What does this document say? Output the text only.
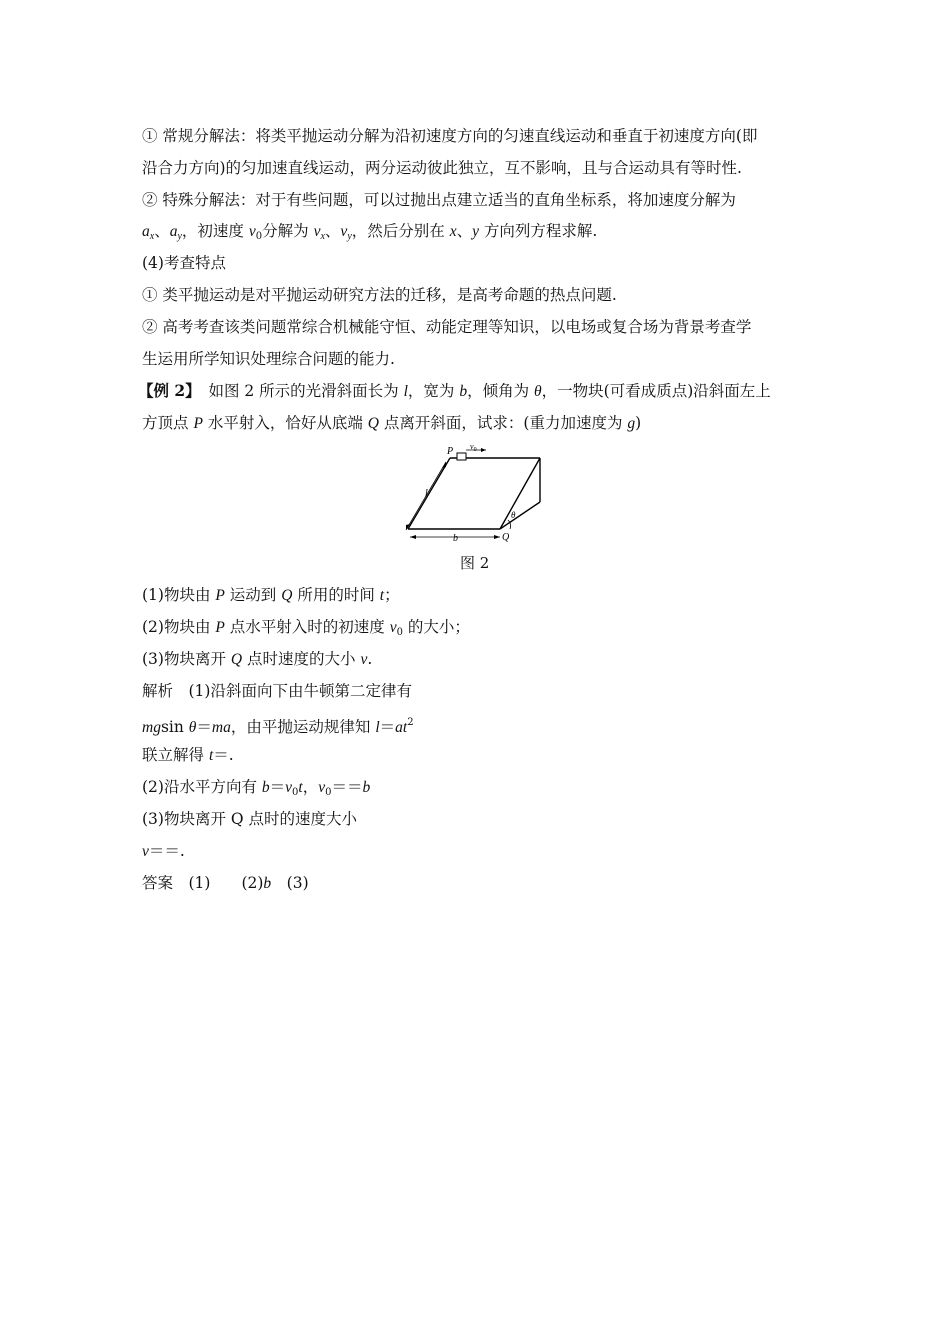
① 常规分解法：将类平抛运动分解为沿初速度方向的匀速直线运动和垂直于初速度方向(即
沿合力方向)的匀加速直线运动，两分运动彼此独立，互不影响，且与合运动具有等时性.
② 特殊分解法：对于有些问题，可以过抛出点建立适当的直角坐标系，将加速度分解为
$a_x$、$a_y$，初速度 $v_0$分解为 $v_x$、$v_y$，然后分别在 x、y 方向列方程求解.
(4)考查特点
① 类平抛运动是对平抛运动研究方法的迁移，是高考命题的热点问题.
② 高考考查该类问题常综合机械能守恒、动能定理等知识，以电场或复合场为背景考查学
生运用所学知识处理综合问题的能力.
【例 2】　如图 2 所示的光滑斜面长为 l，宽为 b，倾角为 θ，一物块(可看成质点)沿斜面左上
方顶点 P 水平射入，恰好从底端 Q 点离开斜面，试求：(重力加速度为 g)
P $v_0$
l
b
θ
Q
图 2
(1)物块由 P 运动到 Q 所用的时间 t；
(2)物块由 P 点水平射入时的初速度 $v_0$ 的大小；
(3)物块离开 Q 点时速度的大小 v.
解析　(1)沿斜面向下由牛顿第二定律有
mgsin θ＝ma，由平抛运动规律知 $l=at^2$
联立解得 t＝.
(2)沿水平方向有 $b=v_0t$，$v_0==b$
(3)物块离开 Q 点时的速度大小
v＝＝.
答案　(1)　　(2)b　(3)
